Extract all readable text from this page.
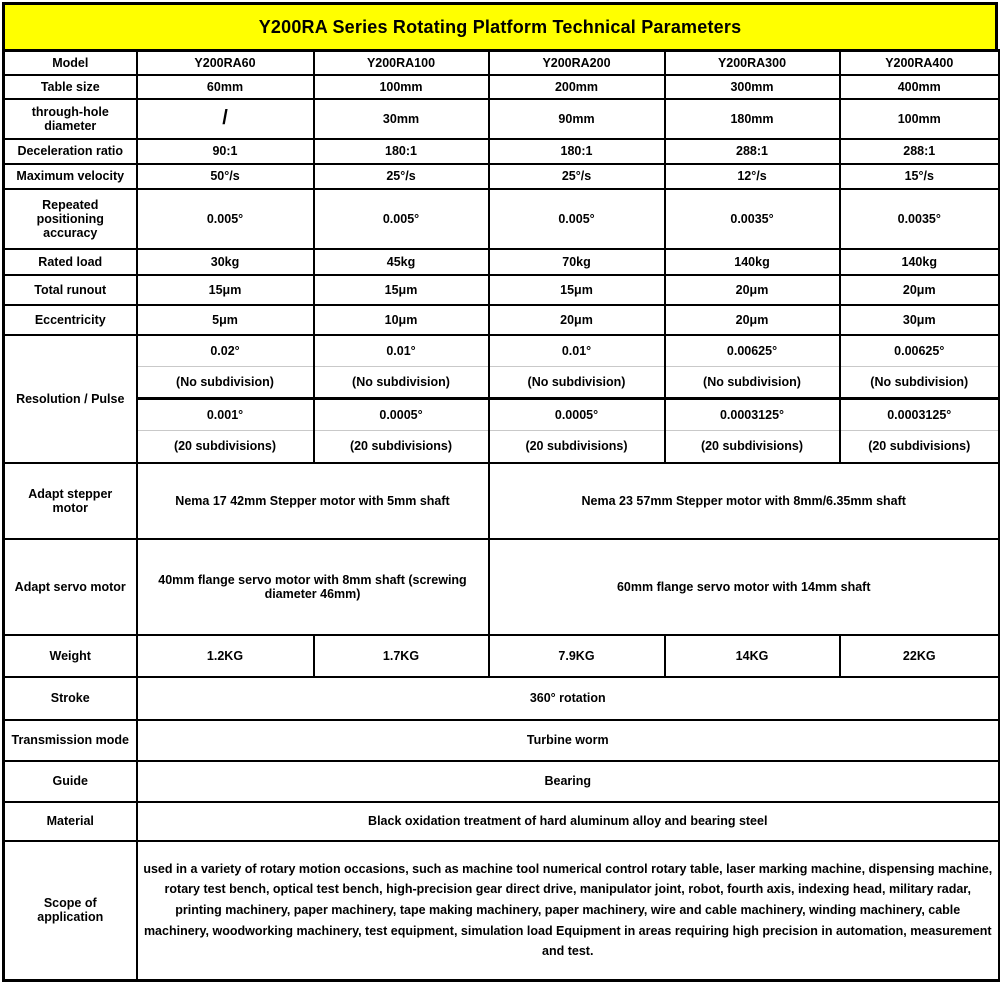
Y200RA Series Rotating Platform Technical Parameters
Model	Y200RA60	Y200RA100	Y200RA200	Y200RA300	Y200RA400
Table size	60mm	100mm	200mm	300mm	400mm
through-hole diameter	/	30mm	90mm	180mm	100mm
Deceleration ratio	90:1	180:1	180:1	288:1	288:1
Maximum velocity	50°/s	25°/s	25°/s	12°/s	15°/s
Repeated positioning accuracy	0.005°	0.005°	0.005°	0.0035°	0.0035°
Rated load	30kg	45kg	70kg	140kg	140kg
Total runout	15μm	15μm	15μm	20μm	20μm
Eccentricity	5μm	10μm	20μm	20μm	30μm
Resolution / Pulse	0.02°	0.01°	0.01°	0.00625°	0.00625°
	(No subdivision)	(No subdivision)	(No subdivision)	(No subdivision)	(No subdivision)
	0.001°	0.0005°	0.0005°	0.0003125°	0.0003125°
	(20 subdivisions)	(20 subdivisions)	(20 subdivisions)	(20 subdivisions)	(20 subdivisions)
Adapt stepper motor	Nema 17 42mm Stepper motor with 5mm shaft		Nema 23 57mm Stepper motor with 8mm/6.35mm shaft		
Adapt servo motor	40mm flange servo motor with 8mm shaft (screwing diameter 46mm)		60mm flange servo motor with 14mm shaft		
Weight	1.2KG	1.7KG	7.9KG	14KG	22KG
Stroke	360° rotation				
Transmission mode	Turbine worm				
Guide	Bearing				
Material	Black oxidation treatment of hard aluminum alloy and bearing steel				
Scope of application	used in a variety of rotary motion occasions, such as machine tool numerical control rotary table, laser marking machine, dispensing machine, rotary test bench, optical test bench, high-precision gear direct drive, manipulator joint, robot, fourth axis, indexing head, military radar, printing machinery, paper machinery, tape making machinery, paper machinery, wire and cable machinery, winding machinery, cable machinery, woodworking machinery, test equipment, simulation load Equipment in areas requiring high precision in automation, measurement and test.				
